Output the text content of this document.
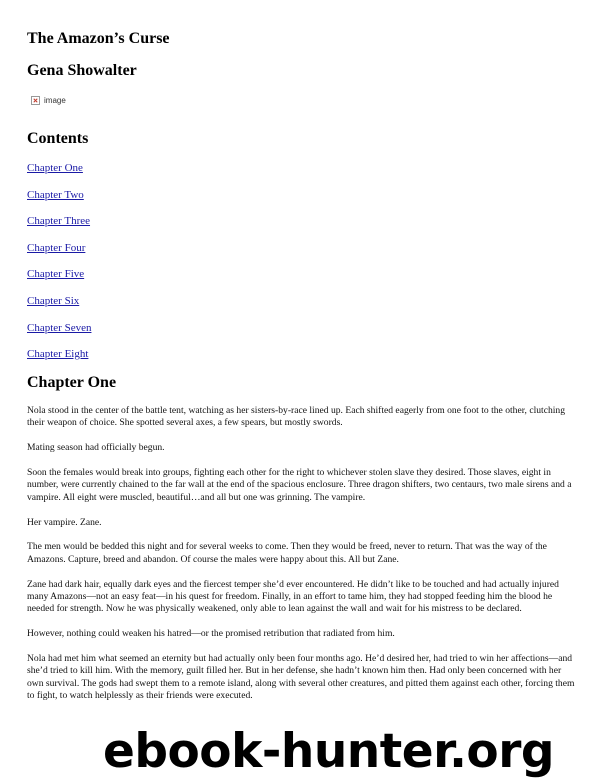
The Amazon’s Curse
Gena Showalter
image
Contents
Chapter One
Chapter Two
Chapter Three
Chapter Four
Chapter Five
Chapter Six
Chapter Seven
Chapter Eight
Chapter One

Nola stood in the center of the battle tent, watching as her sisters-by-race lined up. Each shifted eagerly from one foot to the other, clutching their weapon of choice. She spotted several axes, a few spears, but mostly swords.

Mating season had officially begun.

Soon the females would break into groups, fighting each other for the right to whichever stolen slave they desired. Those slaves, eight in number, were currently chained to the far wall at the end of the spacious enclosure. Three dragon shifters, two centaurs, two male sirens and a vampire. All eight were muscled, beautiful…and all but one was grinning. The vampire.

Her vampire. Zane.

The men would be bedded this night and for several weeks to come. Then they would be freed, never to return. That was the way of the Amazons. Capture, breed and abandon. Of course the males were happy about this. All but Zane.

Zane had dark hair, equally dark eyes and the fiercest temper she’d ever encountered. He didn’t like to be touched and had actually injured many Amazons—not an easy feat—in his quest for freedom. Finally, in an effort to tame him, they had stopped feeding him the blood he needed for strength. Now he was physically weakened, only able to lean against the wall and wait for his mistress to be declared.

However, nothing could weaken his hatred—or the promised retribution that radiated from him.

Nola had met him what seemed an eternity but had actually only been four months ago. He’d desired her, had tried to win her affections—and she’d tried to kill him. With the memory, guilt filled her. But in her defense, she hadn’t known him then. Had only been concerned with her own survival. The gods had swept them to a remote island, along with several other creatures, and pitted them against each other, forcing them to fight, to watch helplessly as their friends were executed.

ebook-hunter.org
